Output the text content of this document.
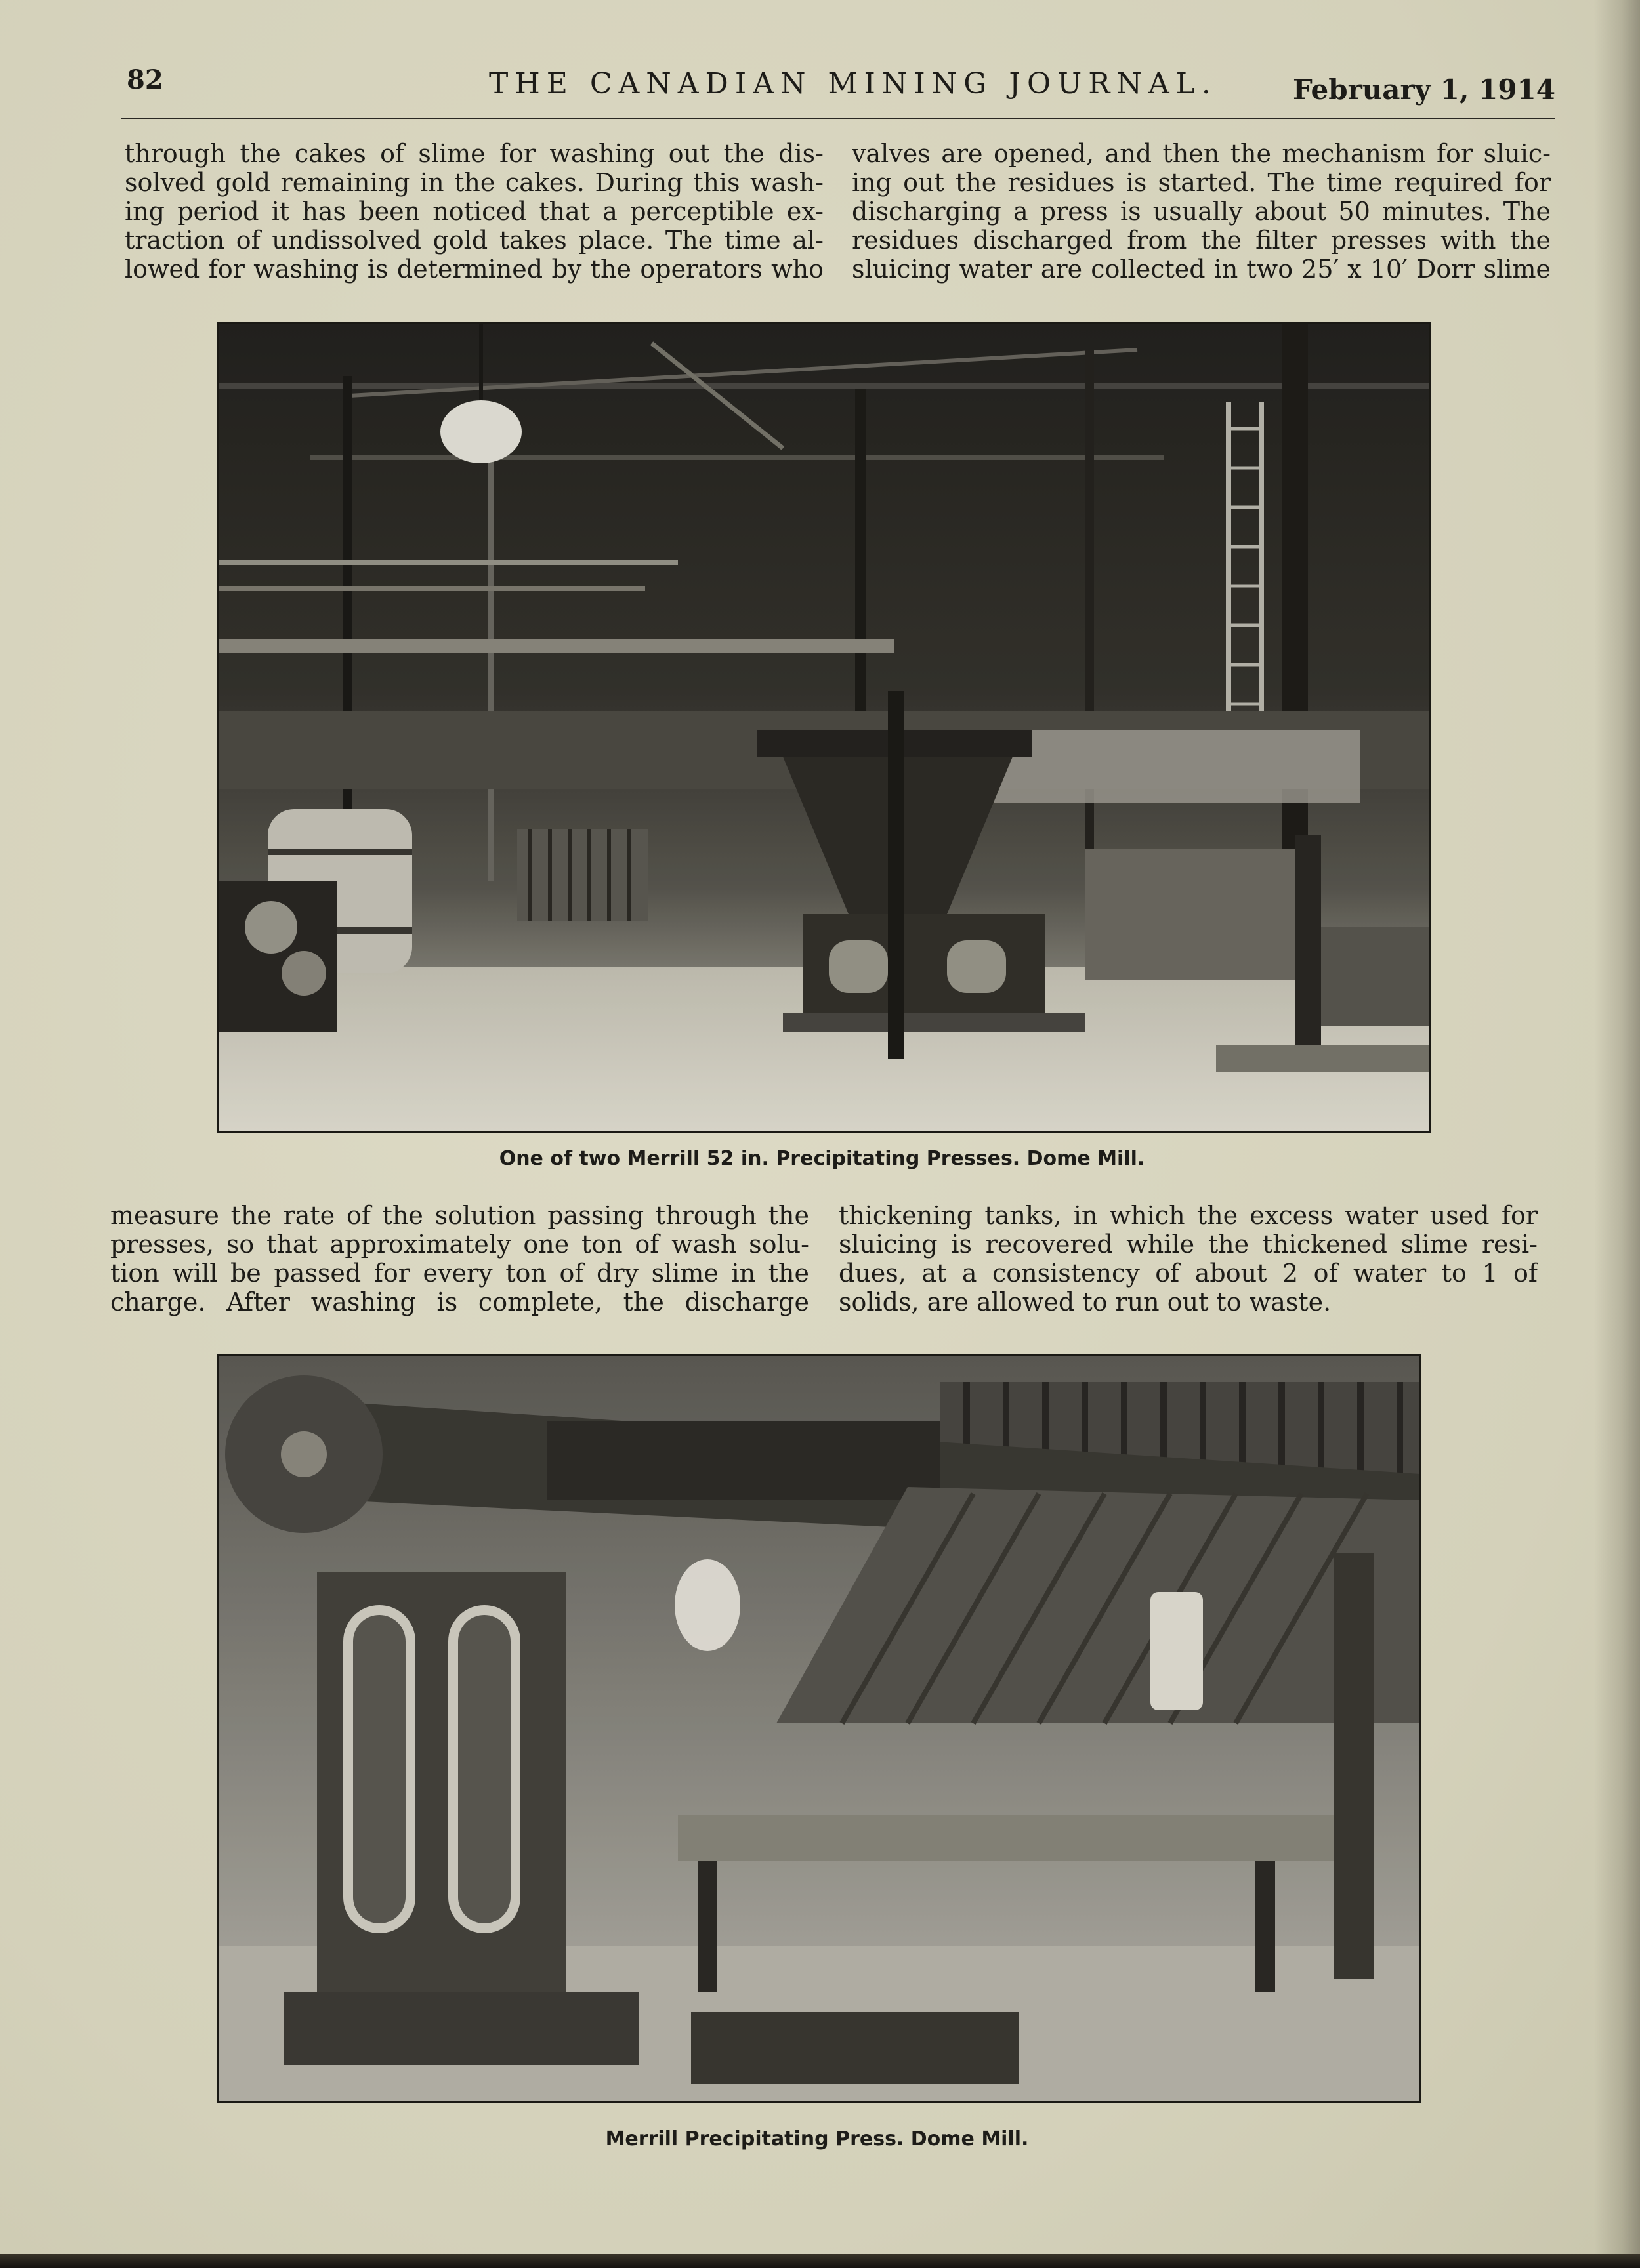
82	THE CANADIAN MINING JOURNAL.	February 1, 1914
through the cakes of slime for washing out the dis-
solved gold remaining in the cakes. During this wash-
ing period it has been noticed that a perceptible ex-
traction of undissolved gold takes place. The time al-
lowed for washing is determined by the operators who
valves are opened, and then the mechanism for sluic-
ing out the residues is started. The time required for
discharging a press is usually about 50 minutes. The
residues discharged from the filter presses with the
sluicing water are collected in two 25′ x 10′ Dorr slime
One of two Merrill 52 in. Precipitating Presses. Dome Mill.
measure the rate of the solution passing through the
presses, so that approximately one ton of wash solu-
tion will be passed for every ton of dry slime in the
charge. After washing is complete, the discharge
thickening tanks, in which the excess water used for
sluicing is recovered while the thickened slime resi-
dues, at a consistency of about 2 of water to 1 of
solids, are allowed to run out to waste.
Merrill Precipitating Press. Dome Mill.
